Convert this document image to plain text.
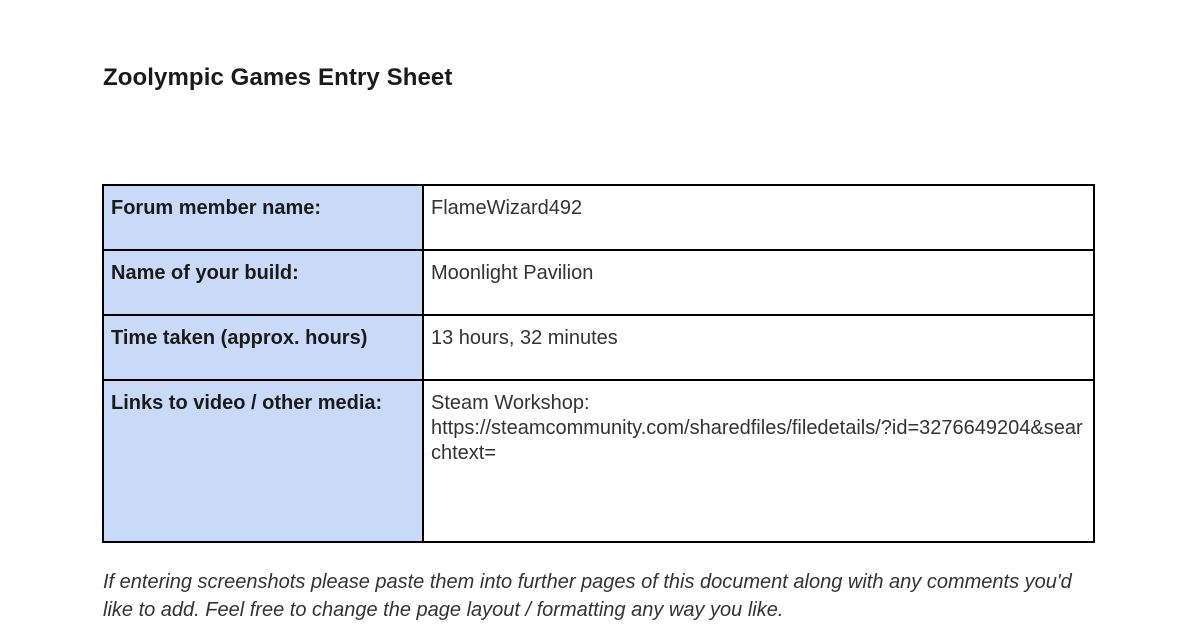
Zoolympic Games Entry Sheet
Forum member name:	FlameWizard492
Name of your build:	Moonlight Pavilion
Time taken (approx. hours)	13 hours, 32 minutes
Links to video / other media:	Steam Workshop:
https://steamcommunity.com/sharedfiles/filedetails/?id=3276649204&searchtext=

If entering screenshots please paste them into further pages of this document along with any comments you'd like to add. Feel free to change the page layout / formatting any way you like.
